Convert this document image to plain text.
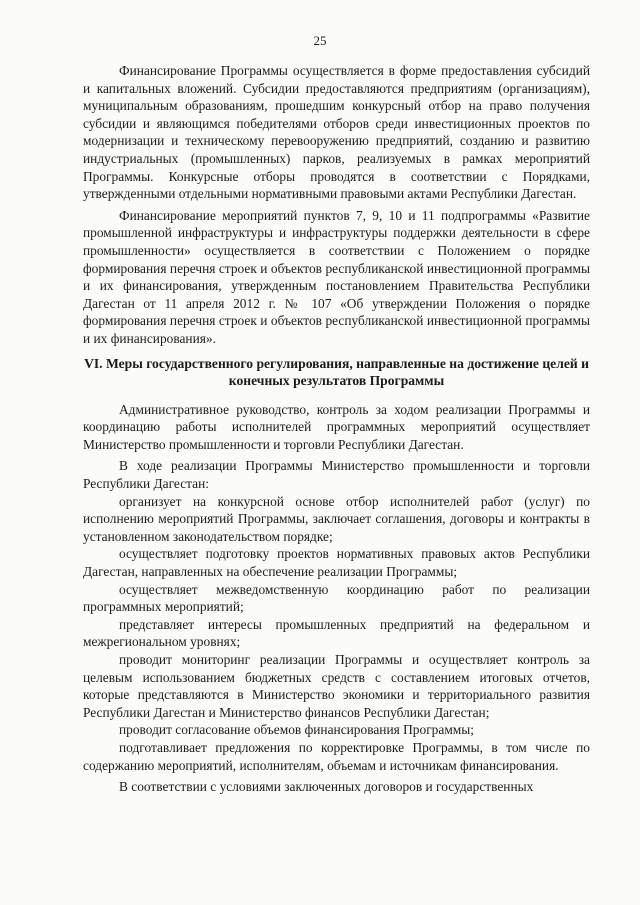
25

Финансирование Программы осуществляется в форме предоставления субсидий и капитальных вложений. Субсидии предоставляются предприятиям (организациям), муниципальным образованиям, прошедшим конкурсный отбор на право получения субсидии и являющимся победителями отборов среди инвестиционных проектов по модернизации и техническому перевооружению предприятий, созданию и развитию индустриальных (промышленных) парков, реализуемых в рамках мероприятий Программы. Конкурсные отборы проводятся в соответствии с Порядками, утвержденными отдельными нормативными правовыми актами Республики Дагестан.

Финансирование мероприятий пунктов 7, 9, 10 и 11 подпрограммы «Развитие промышленной инфраструктуры и инфраструктуры поддержки деятельности в сфере промышленности» осуществляется в соответствии с Положением о порядке формирования перечня строек и объектов республиканской инвестиционной программы и их финансирования, утвержденным постановлением Правительства Республики Дагестан от 11 апреля 2012 г. № 107 «Об утверждении Положения о порядке формирования перечня строек и объектов республиканской инвестиционной программы и их финансирования».

VI. Меры государственного регулирования, направленные на достижение целей и конечных результатов Программы

Административное руководство, контроль за ходом реализации Программы и координацию работы исполнителей программных мероприятий осуществляет Министерство промышленности и торговли Республики Дагестан.

В ходе реализации Программы Министерство промышленности и торговли Республики Дагестан:

организует на конкурсной основе отбор исполнителей работ (услуг) по исполнению мероприятий Программы, заключает соглашения, договоры и контракты в установленном законодательством порядке;

осуществляет подготовку проектов нормативных правовых актов Республики Дагестан, направленных на обеспечение реализации Программы;

осуществляет межведомственную координацию работ по реализации программных мероприятий;

представляет интересы промышленных предприятий на федеральном и межрегиональном уровнях;

проводит мониторинг реализации Программы и осуществляет контроль за целевым использованием бюджетных средств с составлением итоговых отчетов, которые представляются в Министерство экономики и территориального развития Республики Дагестан и Министерство финансов Республики Дагестан;

проводит согласование объемов финансирования Программы;

подготавливает предложения по корректировке Программы, в том числе по содержанию мероприятий, исполнителям, объемам и источникам финансирования.

В соответствии с условиями заключенных договоров и государственных
